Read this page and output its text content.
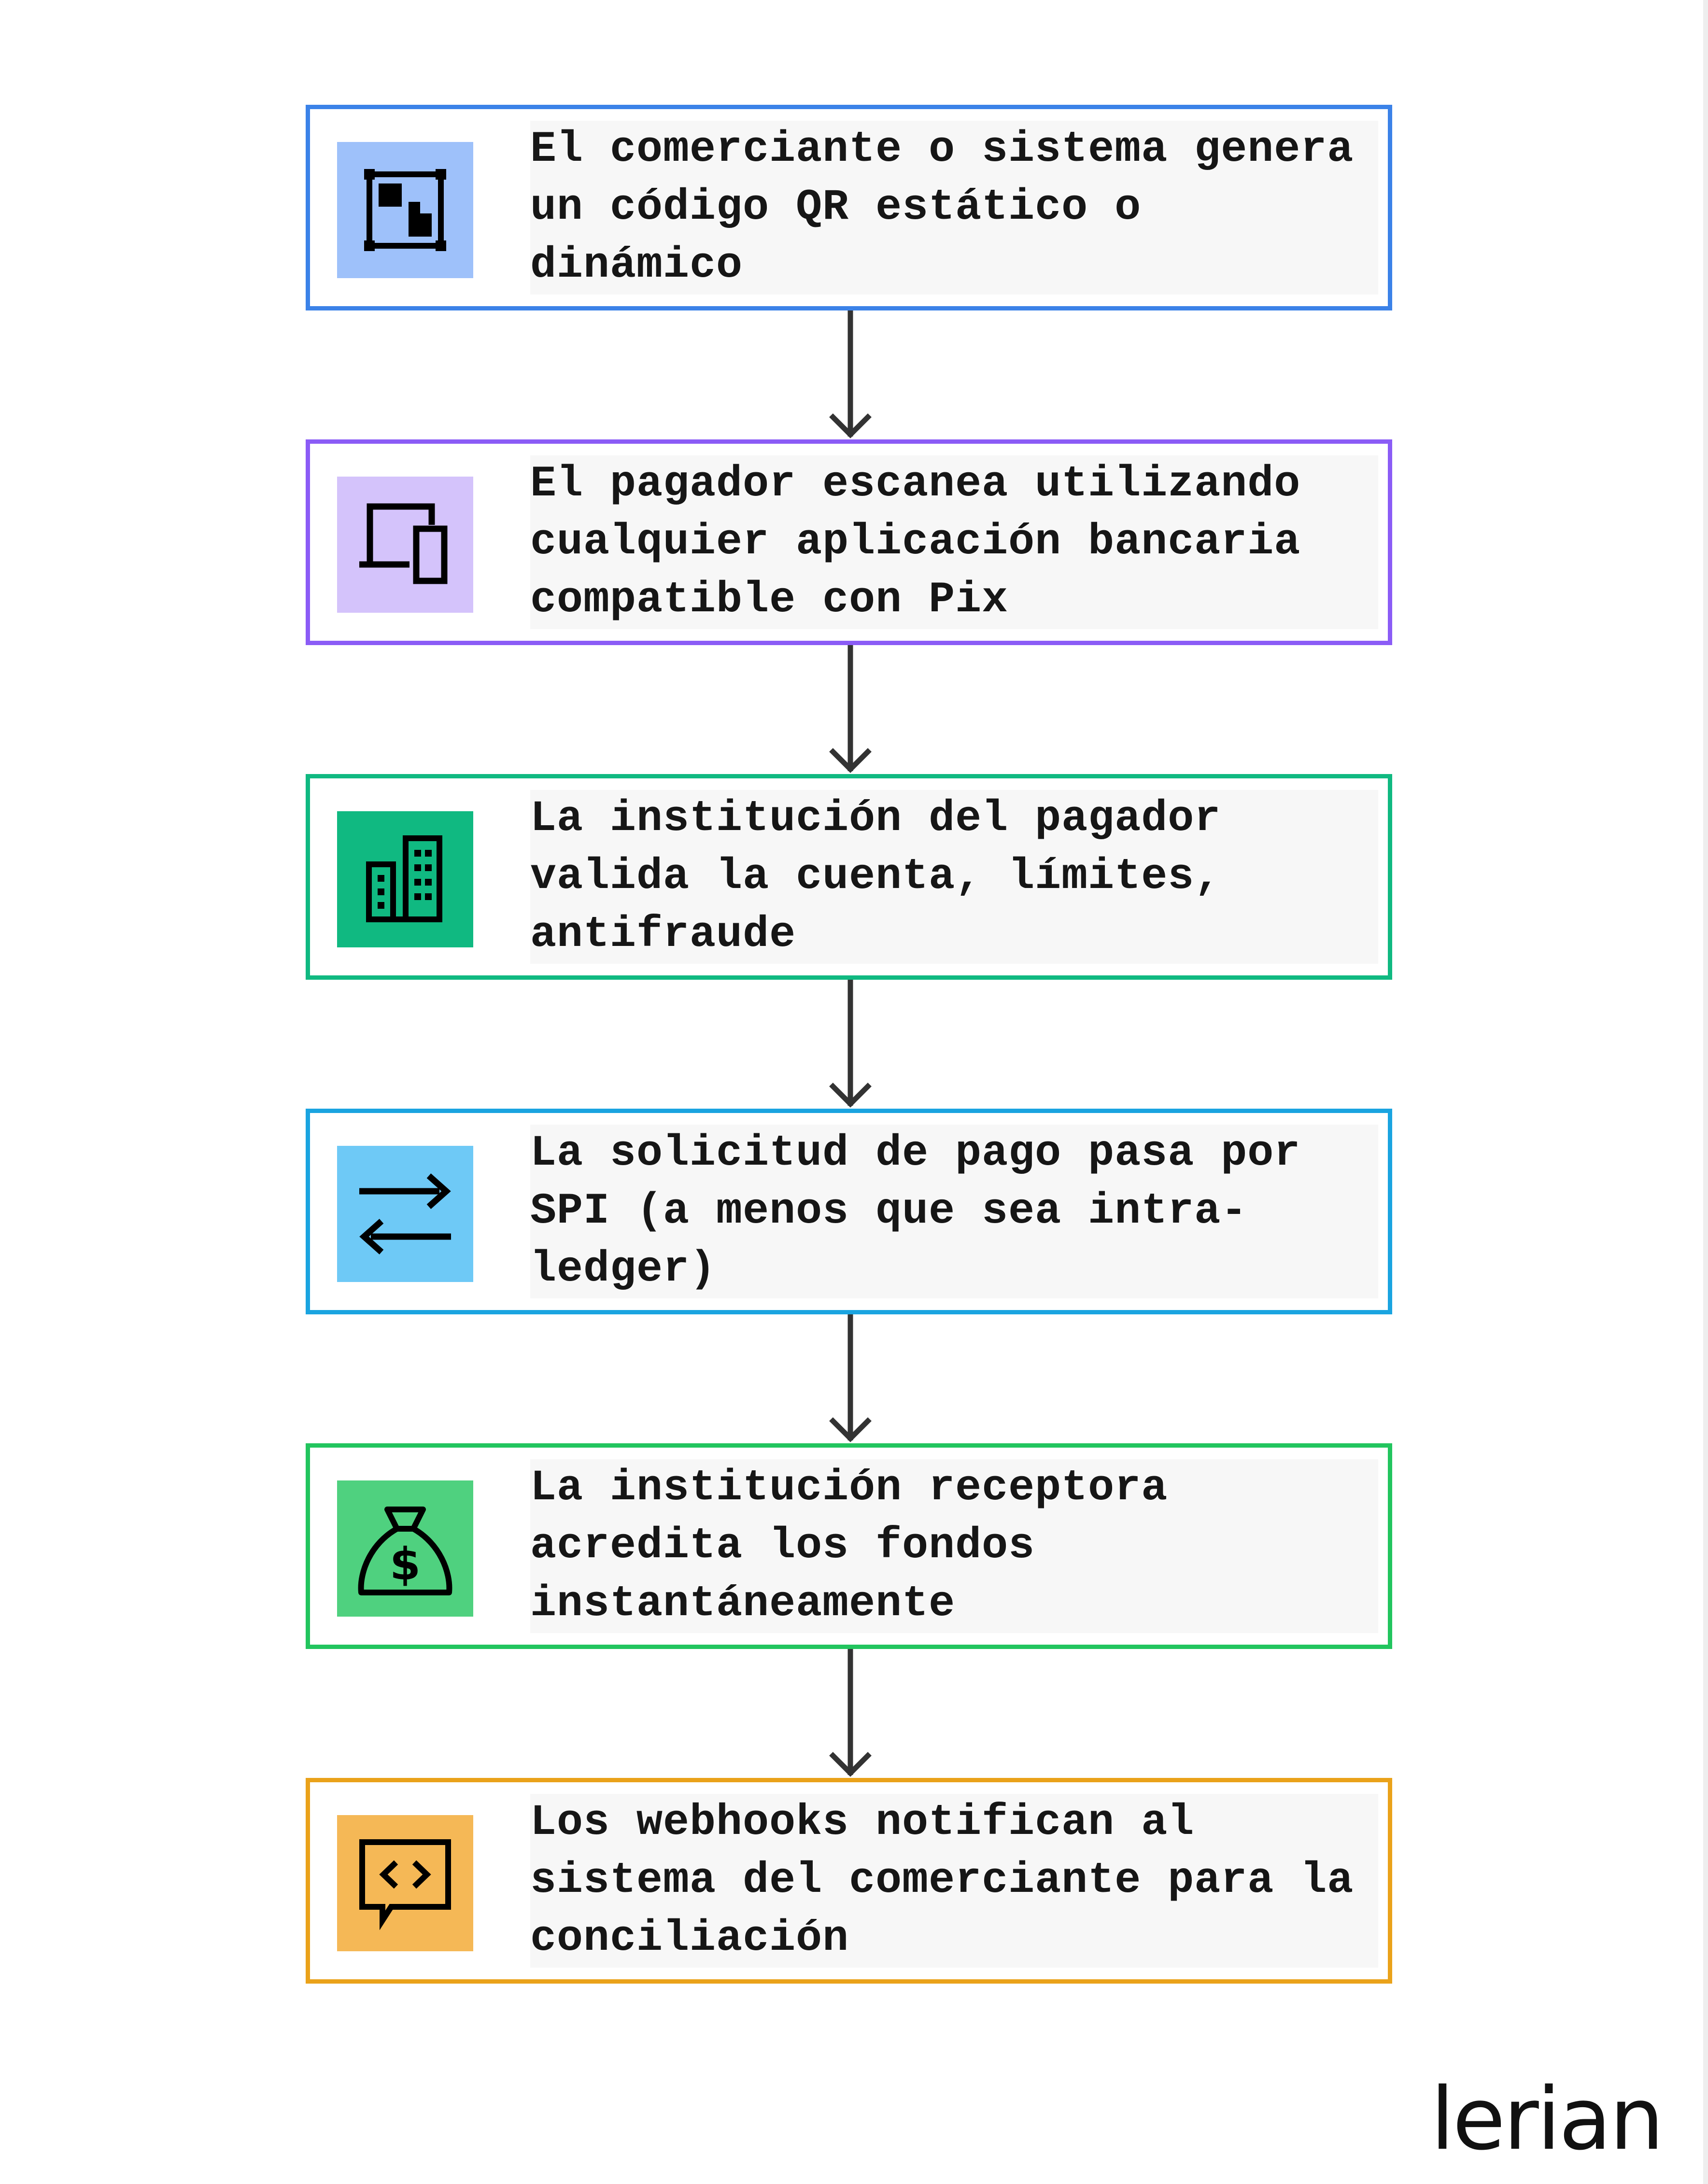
El comerciante o sistema genera un código QR estático o dinámico
El pagador escanea utilizando cualquier aplicación bancaria compatible con Pix
La institución del pagador valida la cuenta, límites, antifraude
La solicitud de pago pasa por SPI (a menos que sea intra-ledger)
$
La institución receptora acredita los fondos instantáneamente
Los webhooks notifican al sistema del comerciante para la conciliación
lerian
